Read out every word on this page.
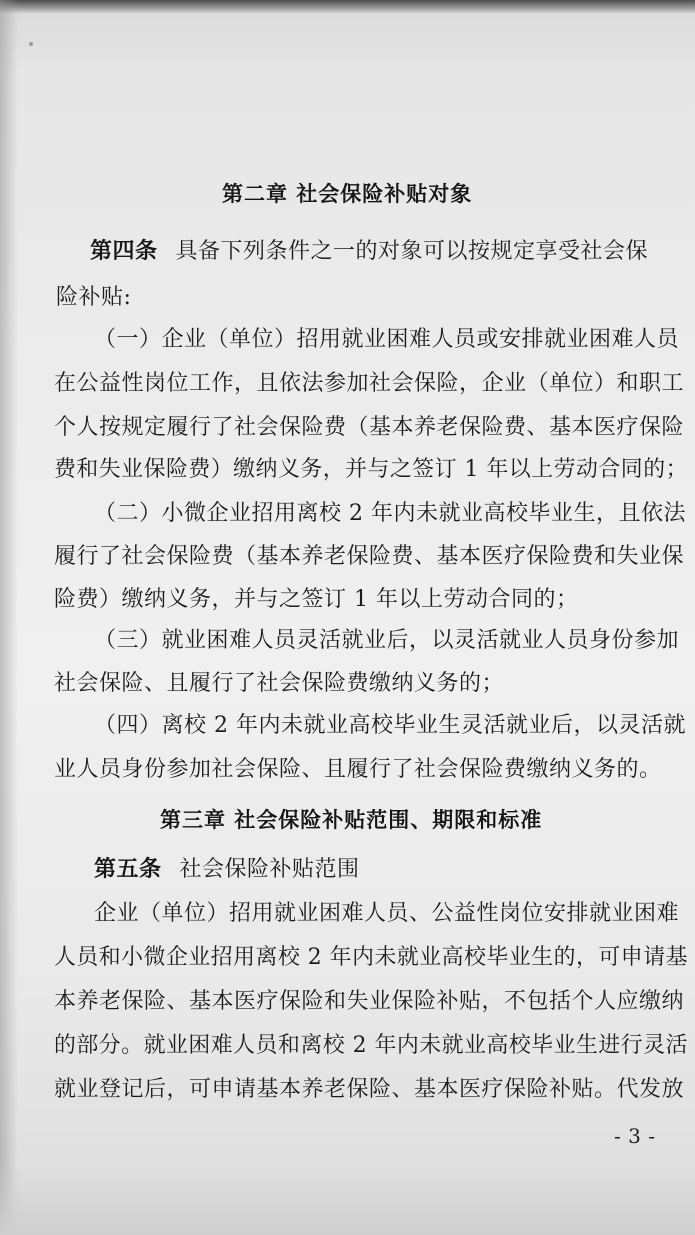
第二章 社会保险补贴对象
第四条 具备下列条件之一的对象可以按规定享受社会保
险补贴:
（一）企业（单位）招用就业困难人员或安排就业困难人员
在公益性岗位工作，且依法参加社会保险，企业（单位）和职工
个人按规定履行了社会保险费（基本养老保险费、基本医疗保险
费和失业保险费）缴纳义务，并与之签订 1 年以上劳动合同的；
（二）小微企业招用离校 2 年内未就业高校毕业生，且依法
履行了社会保险费（基本养老保险费、基本医疗保险费和失业保
险费）缴纳义务，并与之签订 1 年以上劳动合同的；
（三）就业困难人员灵活就业后，以灵活就业人员身份参加
社会保险、且履行了社会保险费缴纳义务的；
（四）离校 2 年内未就业高校毕业生灵活就业后，以灵活就
业人员身份参加社会保险、且履行了社会保险费缴纳义务的。
第三章 社会保险补贴范围、期限和标准
第五条 社会保险补贴范围
企业（单位）招用就业困难人员、公益性岗位安排就业困难
人员和小微企业招用离校 2 年内未就业高校毕业生的，可申请基
本养老保险、基本医疗保险和失业保险补贴，不包括个人应缴纳
的部分。就业困难人员和离校 2 年内未就业高校毕业生进行灵活
就业登记后，可申请基本养老保险、基本医疗保险补贴。代发放
- 3 -
